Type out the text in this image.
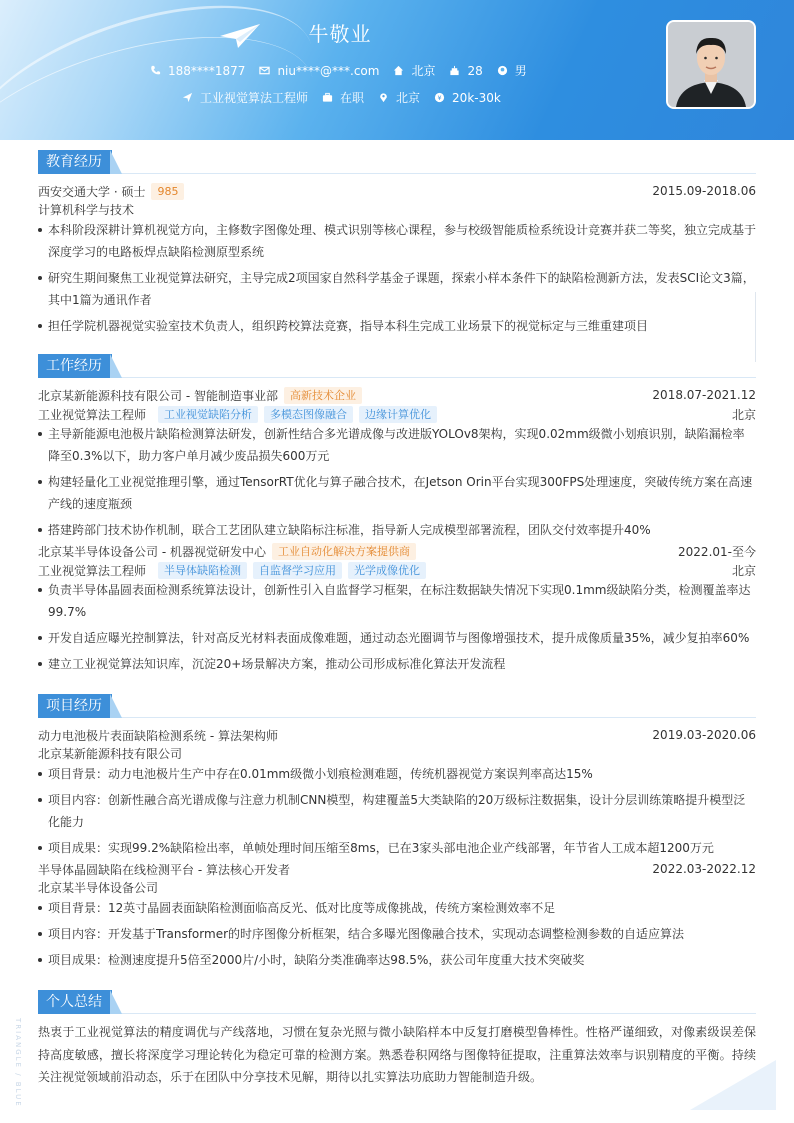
牛敬业
188****1877	niu****@***.com	北京	28	男
工业视觉算法工程师	在职	北京 ¥ 20k-30k
教育经历
西安交通大学 · 硕士	985	2015.09-2018.06
计算机科学与技术
本科阶段深耕计算机视觉方向，主修数字图像处理、模式识别等核心课程，参与校级智能质检系统设计竞赛并获二等奖，独立完成基于深度学习的电路板焊点缺陷检测原型系统
研究生期间聚焦工业视觉算法研究，主导完成2项国家自然科学基金子课题，探索小样本条件下的缺陷检测新方法，发表SCI论文3篇，其中1篇为通讯作者
担任学院机器视觉实验室技术负责人，组织跨校算法竞赛，指导本科生完成工业场景下的视觉标定与三维重建项目
工作经历
北京某新能源科技有限公司 - 智能制造事业部	高新技术企业	2018.07-2021.12
工业视觉算法工程师	工业视觉缺陷分析	多模态图像融合	边缘计算优化	北京
主导新能源电池极片缺陷检测算法研发，创新性结合多光谱成像与改进版YOLOv8架构，实现0.02mm级微小划痕识别，缺陷漏检率降至0.3%以下，助力客户单月减少废品损失600万元
构建轻量化工业视觉推理引擎，通过TensorRT优化与算子融合技术，在Jetson Orin平台实现300FPS处理速度，突破传统方案在高速产线的速度瓶颈
搭建跨部门技术协作机制，联合工艺团队建立缺陷标注标准，指导新人完成模型部署流程，团队交付效率提升40%
北京某半导体设备公司 - 机器视觉研发中心	工业自动化解决方案提供商	2022.01-至今
工业视觉算法工程师	半导体缺陷检测	自监督学习应用	光学成像优化	北京
负责半导体晶圆表面检测系统算法设计，创新性引入自监督学习框架，在标注数据缺失情况下实现0.1mm级缺陷分类，检测覆盖率达99.7%
开发自适应曝光控制算法，针对高反光材料表面成像难题，通过动态光圈调节与图像增强技术，提升成像质量35%，减少复拍率60%
建立工业视觉算法知识库，沉淀20+场景解决方案，推动公司形成标准化算法开发流程
项目经历
动力电池极片表面缺陷检测系统 - 算法架构师	2019.03-2020.06
北京某新能源科技有限公司
项目背景：动力电池极片生产中存在0.01mm级微小划痕检测难题，传统机器视觉方案误判率高达15%
项目内容：创新性融合高光谱成像与注意力机制CNN模型，构建覆盖5大类缺陷的20万级标注数据集，设计分层训练策略提升模型泛化能力
项目成果：实现99.2%缺陷检出率，单帧处理时间压缩至8ms，已在3家头部电池企业产线部署，年节省人工成本超1200万元
半导体晶圆缺陷在线检测平台 - 算法核心开发者	2022.03-2022.12
北京某半导体设备公司
项目背景：12英寸晶圆表面缺陷检测面临高反光、低对比度等成像挑战，传统方案检测效率不足
项目内容：开发基于Transformer的时序图像分析框架，结合多曝光图像融合技术，实现动态调整检测参数的自适应算法
项目成果：检测速度提升5倍至2000片/小时，缺陷分类准确率达98.5%，获公司年度重大技术突破奖
个人总结
热衷于工业视觉算法的精度调优与产线落地，习惯在复杂光照与微小缺陷样本中反复打磨模型鲁棒性。性格严谨细致，对像素级误差保持高度敏感，擅长将深度学习理论转化为稳定可靠的检测方案。熟悉卷积网络与图像特征提取，注重算法效率与识别精度的平衡。持续关注视觉领域前沿动态，乐于在团队中分享技术见解，期待以扎实算法功底助力智能制造升级。
TRIANGLE / BLUE
